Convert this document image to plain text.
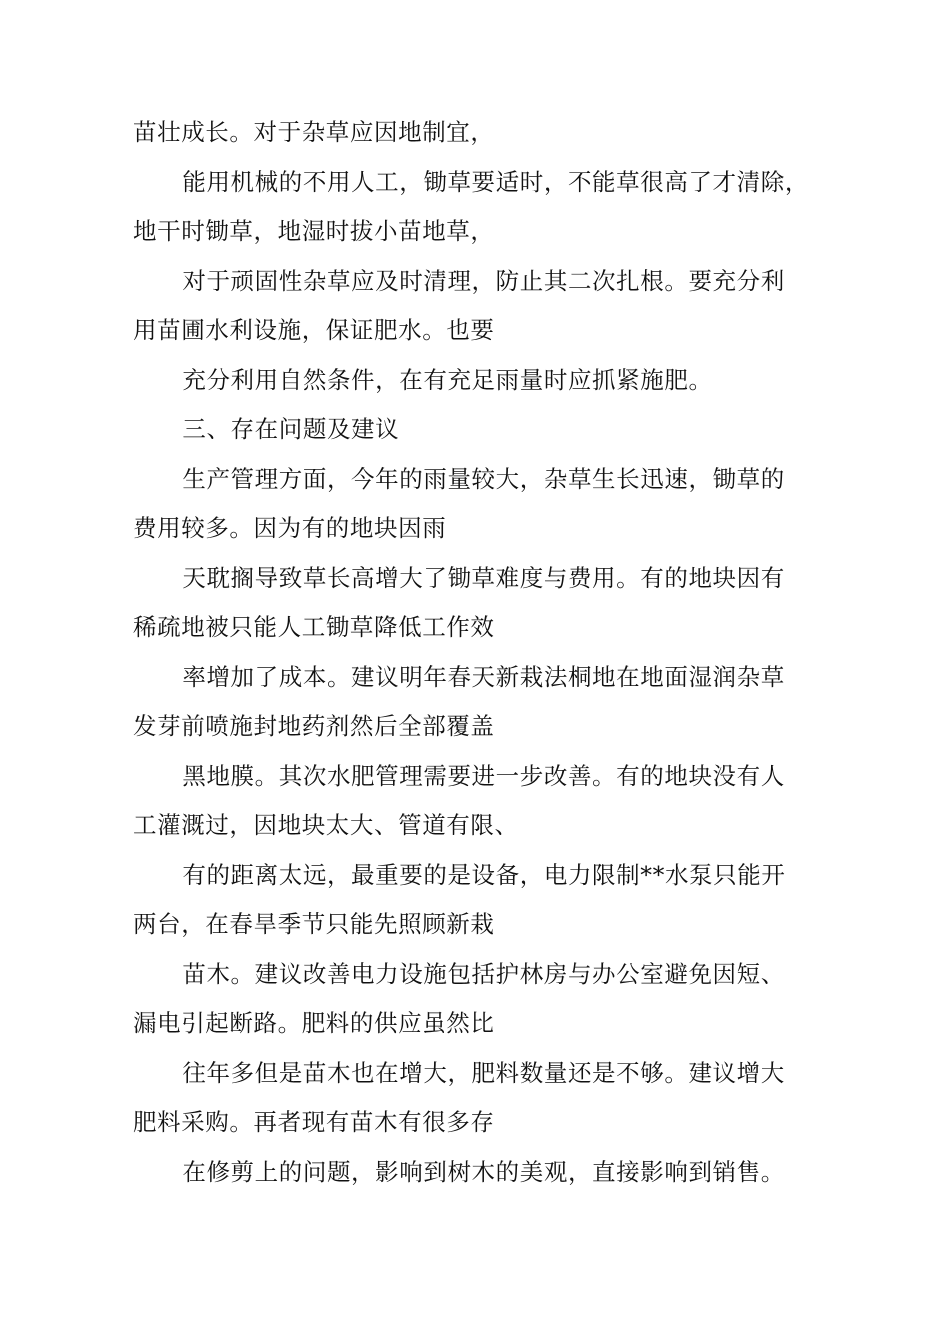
苗壮成长。对于杂草应因地制宜，

能用机械的不用人工，锄草要适时，不能草很高了才清除，

地干时锄草，地湿时拔小苗地草，

对于顽固性杂草应及时清理，防止其二次扎根。要充分利

用苗圃水利设施，保证肥水。也要

充分利用自然条件，在有充足雨量时应抓紧施肥。

三、存在问题及建议

生产管理方面，今年的雨量较大，杂草生长迅速，锄草的

费用较多。因为有的地块因雨

天耽搁导致草长高增大了锄草难度与费用。有的地块因有

稀疏地被只能人工锄草降低工作效

率增加了成本。建议明年春天新栽法桐地在地面湿润杂草

发芽前喷施封地药剂然后全部覆盖

黑地膜。其次水肥管理需要进一步改善。有的地块没有人

工灌溉过，因地块太大、管道有限、

有的距离太远，最重要的是设备，电力限制**水泵只能开

两台，在春旱季节只能先照顾新栽

苗木。建议改善电力设施包括护林房与办公室避免因短、

漏电引起断路。肥料的供应虽然比

往年多但是苗木也在增大，肥料数量还是不够。建议增大

肥料采购。再者现有苗木有很多存

在修剪上的问题，影响到树木的美观，直接影响到销售。
